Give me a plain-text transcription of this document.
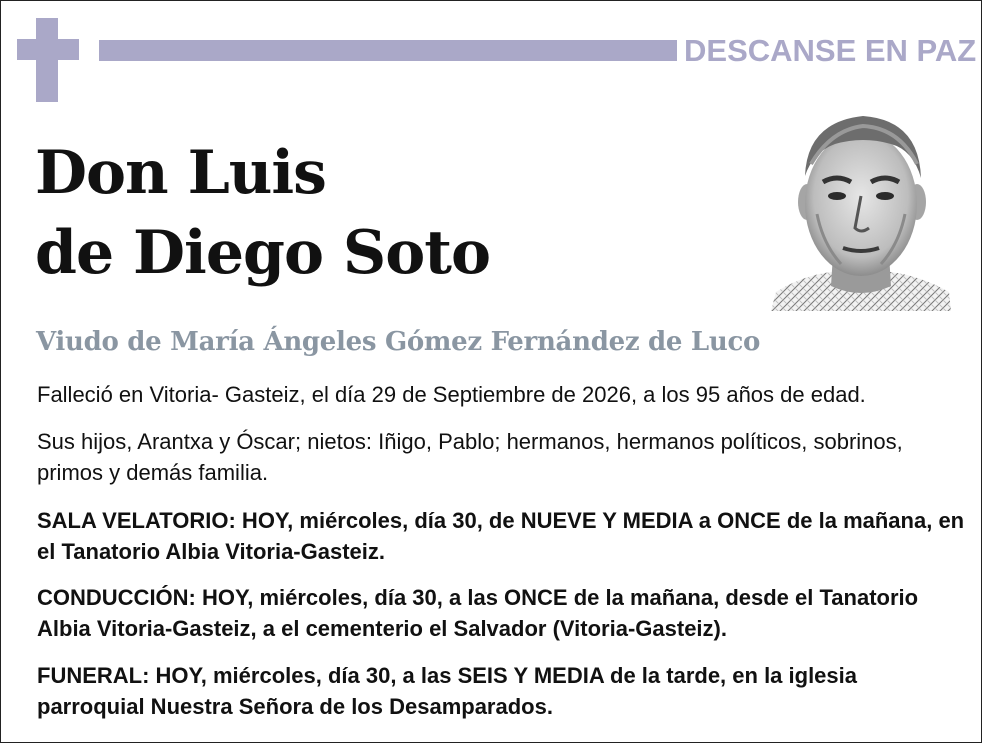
DESCANSE EN PAZ
Don Luis
de Diego Soto
Viudo de María Ángeles Gómez Fernández de Luco
Falleció en Vitoria- Gasteiz, el día 29 de Septiembre de 2026, a los 95 años de edad.
Sus hijos, Arantxa y Óscar; nietos: Iñigo, Pablo; hermanos, hermanos políticos, sobrinos, primos y demás familia.
SALA VELATORIO: HOY, miércoles, día 30, de NUEVE Y MEDIA a ONCE de la mañana, en el Tanatorio Albia Vitoria-Gasteiz.
CONDUCCIÓN: HOY, miércoles, día 30, a las ONCE de la mañana, desde el Tanatorio Albia Vitoria-Gasteiz, a el cementerio el Salvador (Vitoria-Gasteiz).
FUNERAL: HOY, miércoles, día 30, a las SEIS Y MEDIA de la tarde, en la iglesia parroquial Nuestra Señora de los Desamparados.
